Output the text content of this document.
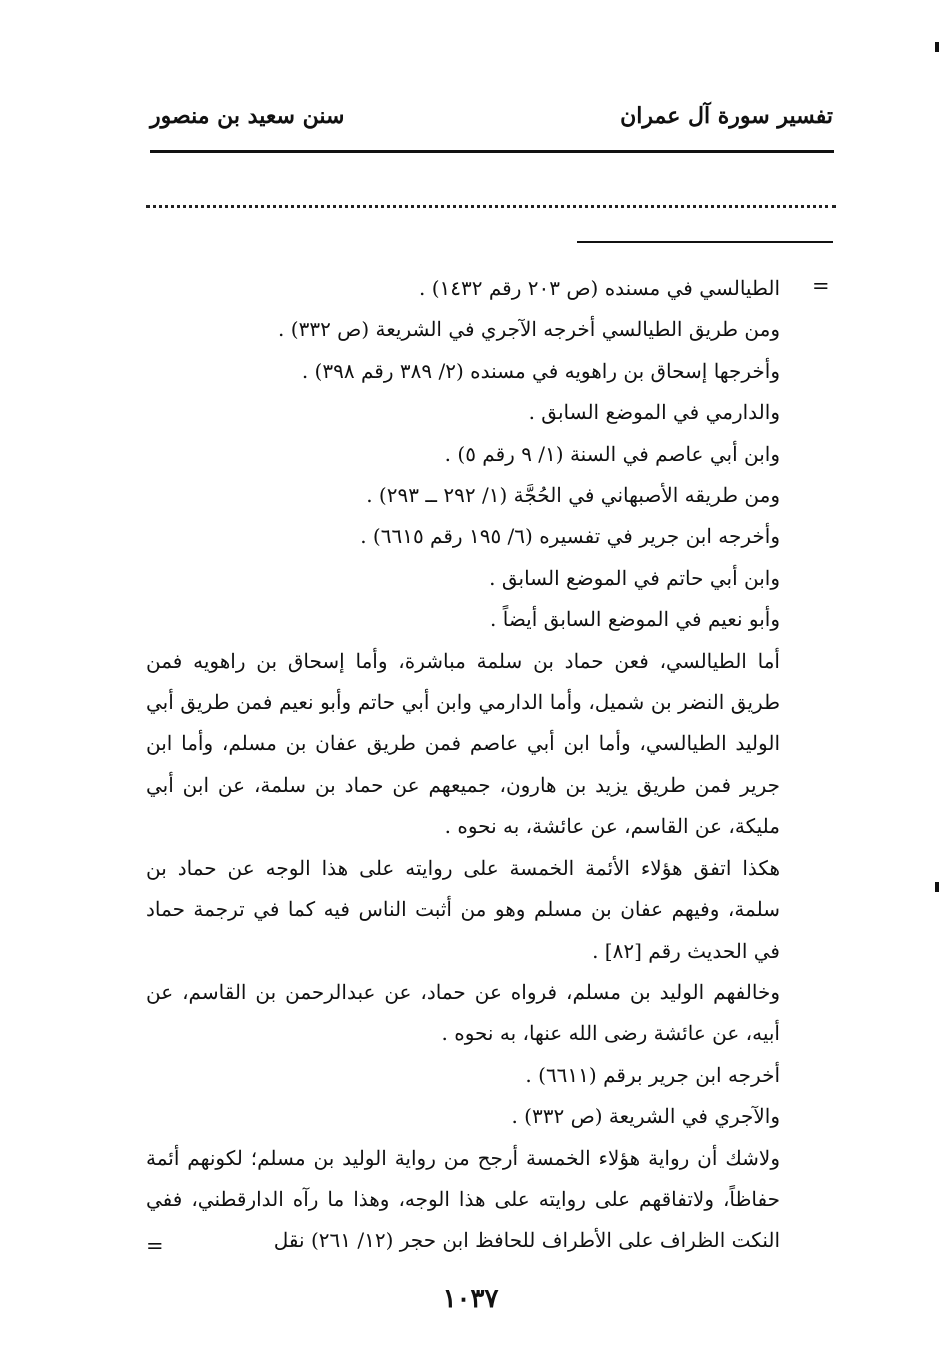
تفسير سورة آل عمران
سنن سعيد بن منصور
=

الطيالسي في مسنده (ص ٢٠٣ رقم ١٤٣٢) .

ومن طريق الطيالسي أخرجه الآجري في الشريعة (ص ٣٣٢) .

وأخرجها إسحاق بن راهويه في مسنده (٢/ ٣٨٩ رقم ٣٩٨) .

والدارمي في الموضع السابق .

وابن أبي عاصم في السنة (١/ ٩ رقم ٥) .

ومن طريقه الأصبهاني في الحُجَّة (١/ ٢٩٢ ــ ٢٩٣) .

وأخرجه ابن جرير في تفسيره (٦/ ١٩٥ رقم ٦٦١٥) .

وابن أبي حاتم في الموضع السابق .

وأبو نعيم في الموضع السابق أيضاً .

أما الطيالسي، فعن حماد بن سلمة مباشرة، وأما إسحاق بن راهويه فمن طريق النضر بن شميل، وأما الدارمي وابن أبي حاتم وأبو نعيم فمن طريق أبي الوليد الطيالسي، وأما ابن أبي عاصم فمن طريق عفان بن مسلم، وأما ابن جرير فمن طريق يزيد بن هارون، جميعهم عن حماد بن سلمة، عن ابن أبي مليكة، عن القاسم، عن عائشة، به نحوه .

هكذا اتفق هؤلاء الأئمة الخمسة على روايته على هذا الوجه عن حماد بن سلمة، وفيهم عفان بن مسلم وهو من أثبت الناس فيه كما في ترجمة حماد في الحديث رقم [٨٢] .

وخالفهم الوليد بن مسلم، فرواه عن حماد، عن عبدالرحمن بن القاسم، عن أبيه، عن عائشة رضى الله عنها، به نحوه .

أخرجه ابن جرير برقم (٦٦١١) .

والآجري في الشريعة (ص ٣٣٢) .

ولاشك أن رواية هؤلاء الخمسة أرجح من رواية الوليد بن مسلم؛ لكونهم أئمة حفاظاً، ولاتفاقهم على روايته على هذا الوجه، وهذا ما رآه الدارقطني، ففي النكت الظراف على الأطراف للحافظ ابن حجر (١٢/ ٢٦١) نقل

=
١٠٣٧
